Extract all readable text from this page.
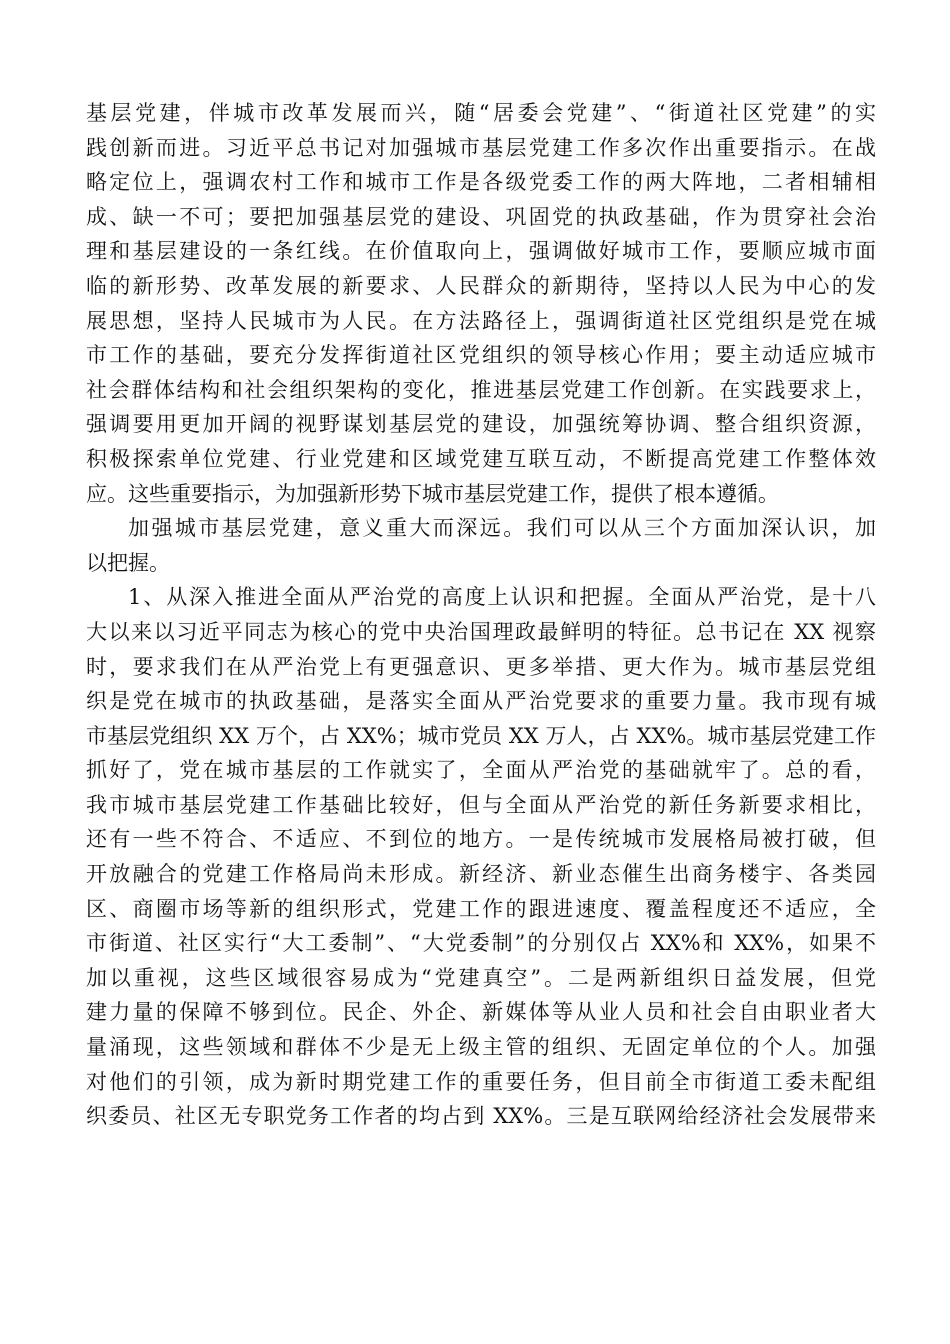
基层党建，伴城市改革发展而兴，随“居委会党建”、“街道社区党建”的实
践创新而进。习近平总书记对加强城市基层党建工作多次作出重要指示。在战
略定位上，强调农村工作和城市工作是各级党委工作的两大阵地，二者相辅相
成、缺一不可；要把加强基层党的建设、巩固党的执政基础，作为贯穿社会治
理和基层建设的一条红线。在价值取向上，强调做好城市工作，要顺应城市面
临的新形势、改革发展的新要求、人民群众的新期待，坚持以人民为中心的发
展思想，坚持人民城市为人民。在方法路径上，强调街道社区党组织是党在城
市工作的基础，要充分发挥街道社区党组织的领导核心作用；要主动适应城市
社会群体结构和社会组织架构的变化，推进基层党建工作创新。在实践要求上，
强调要用更加开阔的视野谋划基层党的建设，加强统筹协调、整合组织资源，
积极探索单位党建、行业党建和区域党建互联互动，不断提高党建工作整体效
应。这些重要指示，为加强新形势下城市基层党建工作，提供了根本遵循。
加强城市基层党建，意义重大而深远。我们可以从三个方面加深认识，加
以把握。
1、从深入推进全面从严治党的高度上认识和把握。全面从严治党，是十八
大以来以习近平同志为核心的党中央治国理政最鲜明的特征。总书记在 XX 视察
时，要求我们在从严治党上有更强意识、更多举措、更大作为。城市基层党组
织是党在城市的执政基础，是落实全面从严治党要求的重要力量。我市现有城
市基层党组织 XX 万个，占 XX%；城市党员 XX 万人，占 XX%。城市基层党建工作
抓好了，党在城市基层的工作就实了，全面从严治党的基础就牢了。总的看，
我市城市基层党建工作基础比较好，但与全面从严治党的新任务新要求相比，
还有一些不符合、不适应、不到位的地方。一是传统城市发展格局被打破，但
开放融合的党建工作格局尚未形成。新经济、新业态催生出商务楼宇、各类园
区、商圈市场等新的组织形式，党建工作的跟进速度、覆盖程度还不适应，全
市街道、社区实行“大工委制”、“大党委制”的分别仅占 XX%和 XX%，如果不
加以重视，这些区域很容易成为“党建真空”。二是两新组织日益发展，但党
建力量的保障不够到位。民企、外企、新媒体等从业人员和社会自由职业者大
量涌现，这些领域和群体不少是无上级主管的组织、无固定单位的个人。加强
对他们的引领，成为新时期党建工作的重要任务，但目前全市街道工委未配组
织委员、社区无专职党务工作者的均占到 XX%。三是互联网给经济社会发展带来
